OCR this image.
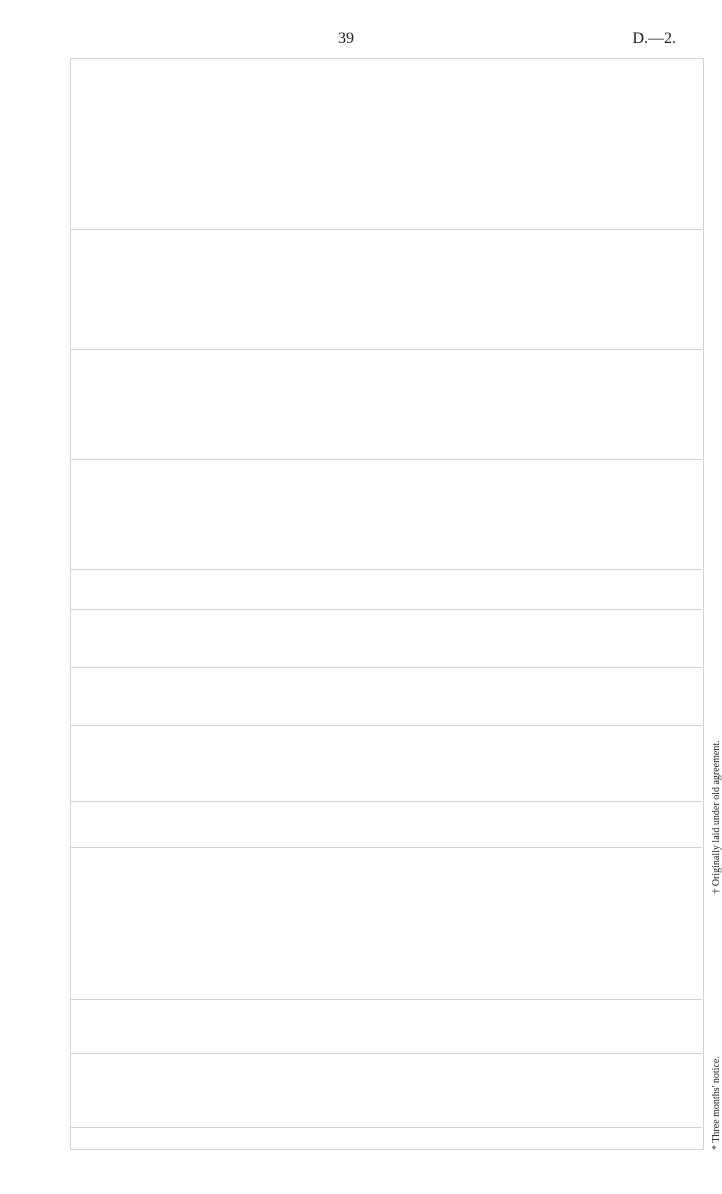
39	D.—2.
* Three months' notice. † Originally laid under old agreement.
